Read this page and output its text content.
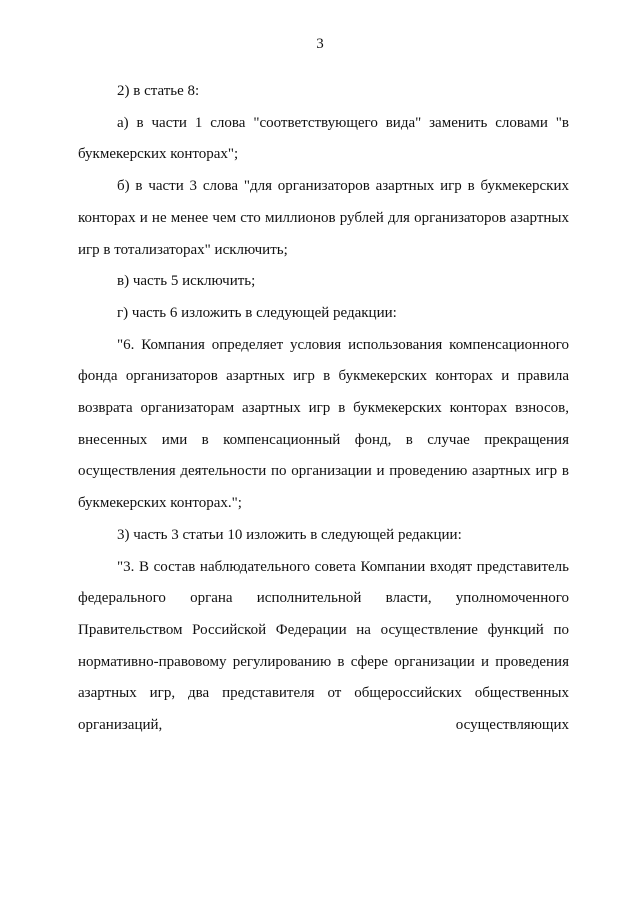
3

2) в статье 8:

а) в части 1 слова "соответствующего вида" заменить словами "в букмекерских конторах";

б) в части 3 слова "для организаторов азартных игр в букмекерских конторах и не менее чем сто миллионов рублей для организаторов азартных игр в тотализаторах" исключить;

в) часть 5 исключить;

г) часть 6 изложить в следующей редакции:

"6. Компания определяет условия использования компенсационного фонда организаторов азартных игр в букмекерских конторах и правила возврата организаторам азартных игр в букмекерских конторах взносов, внесенных ими в компенсационный фонд, в случае прекращения осуществления деятельности по организации и проведению азартных игр в букмекерских конторах.";

3) часть 3 статьи 10 изложить в следующей редакции:

"3. В состав наблюдательного совета Компании входят представитель федерального органа исполнительной власти, уполномоченного Правительством Российской Федерации на осуществление функций по нормативно-правовому регулированию в сфере организации и проведения азартных игр, два представителя от общероссийских общественных организаций, осуществляющих
